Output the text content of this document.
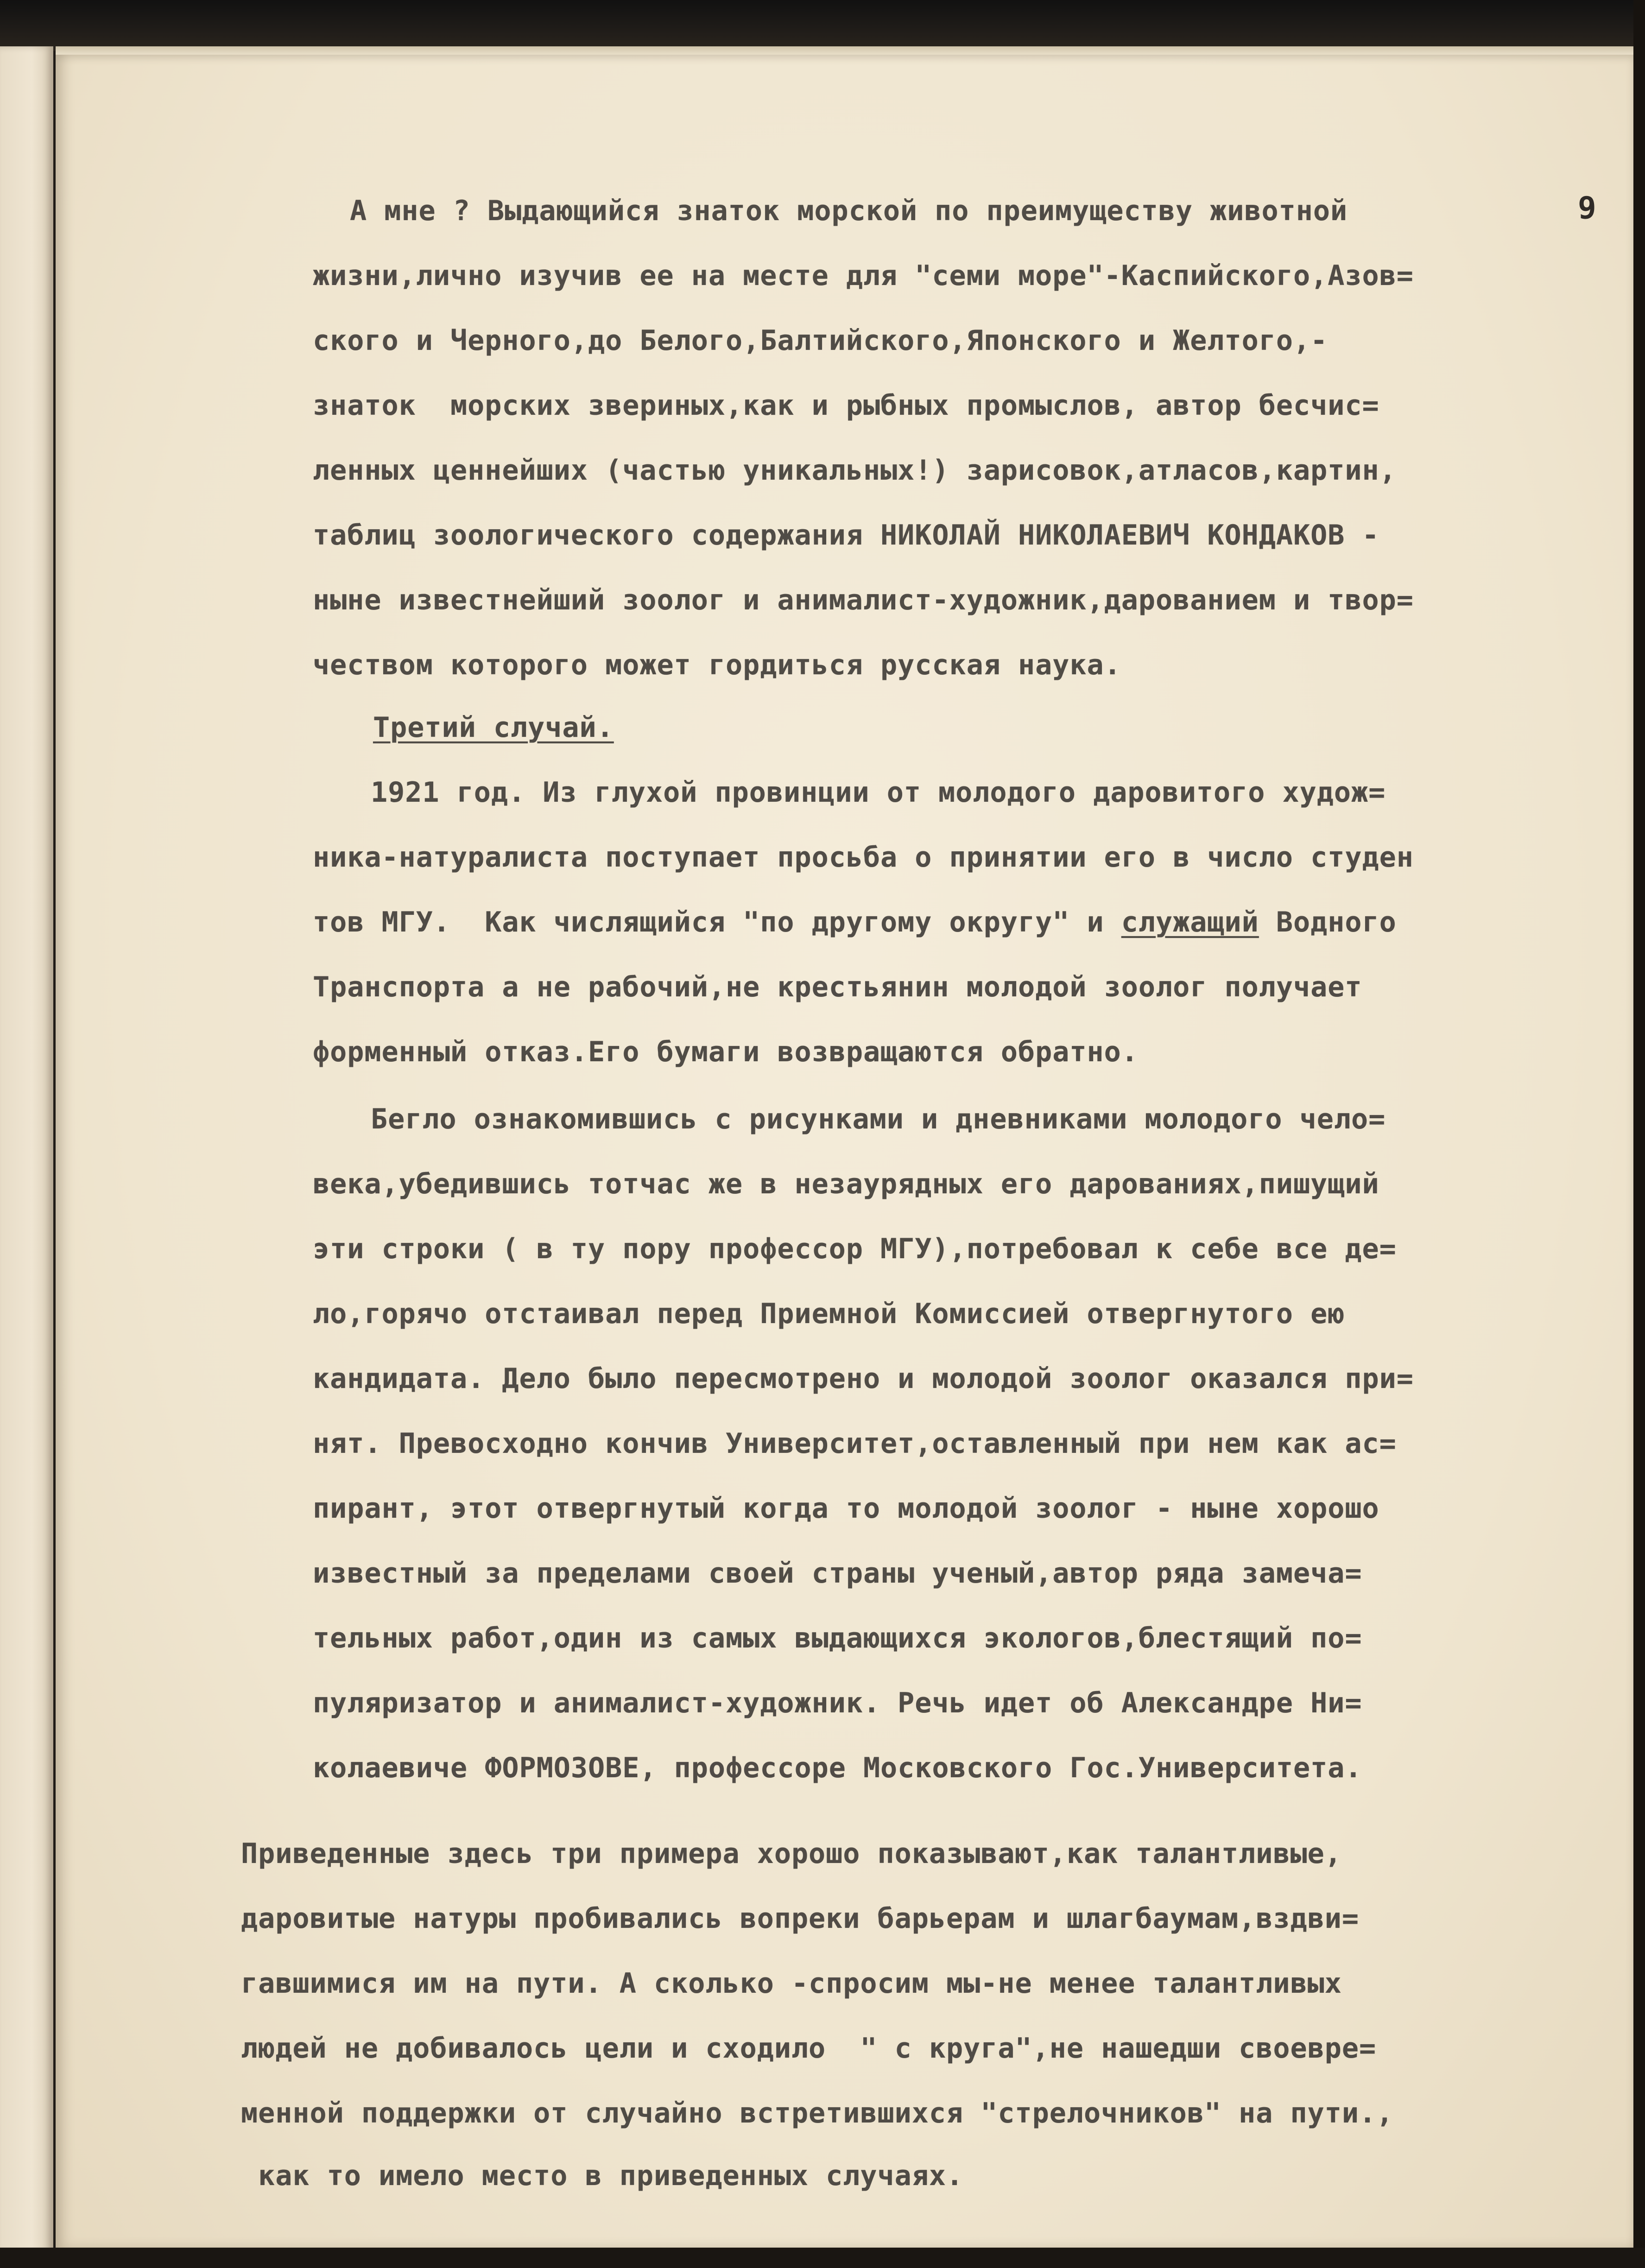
9

А мне ? Выдающийся знаток морской по преимуществу животной

жизни,лично изучив ее на месте для "семи море"-Каспийского,Азов=

ского и Черного,до Белого,Балтийского,Японского и Желтого,-

знаток  морских звериных,как и рыбных промыслов, автор бесчис=

ленных ценнейших (частью уникальных!) зарисовок,атласов,картин,

таблиц зоологического содержания НИКОЛАЙ НИКОЛАЕВИЧ КОНДАКОВ -

ныне известнейший зоолог и анималист-художник,дарованием и твор=

чеством которого может гордиться русская наука.

Третий случай.

1921 год. Из глухой провинции от молодого даровитого худож=

ника-натуралиста поступает просьба о принятии его в число студен

тов МГУ.  Как числящийся "по другому округу" и служащий Водного

Транспорта а не рабочий,не крестьянин молодой зоолог получает

форменный отказ.Его бумаги возвращаются обратно.

Бегло ознакомившись с рисунками и дневниками молодого чело=

века,убедившись тотчас же в незаурядных его дарованиях,пишущий

эти строки ( в ту пору профессор МГУ),потребовал к себе все де=

ло,горячо отстаивал перед Приемной Комиссией отвергнутого ею

кандидата. Дело было пересмотрено и молодой зоолог оказался при=

нят. Превосходно кончив Университет,оставленный при нем как ас=

пирант, этот отвергнутый когда то молодой зоолог - ныне хорошо

известный за пределами своей страны ученый,автор ряда замеча=

тельных работ,один из самых выдающихся экологов,блестящий по=

пуляризатор и анималист-художник. Речь идет об Александре Ни=

колаевиче ФОРМОЗОВЕ, профессоре Московского Гос.Университета.

Приведенные здесь три примера хорошо показывают,как талантливые,

даровитые натуры пробивались вопреки барьерам и шлагбаумам,вздви=

гавшимися им на пути. А сколько -спросим мы-не менее талантливых

людей не добивалось цели и сходило  " с круга",не нашедши своевре=

менной поддержки от случайно встретившихся "стрелочников" на пути.,

как то имело место в приведенных случаях.
